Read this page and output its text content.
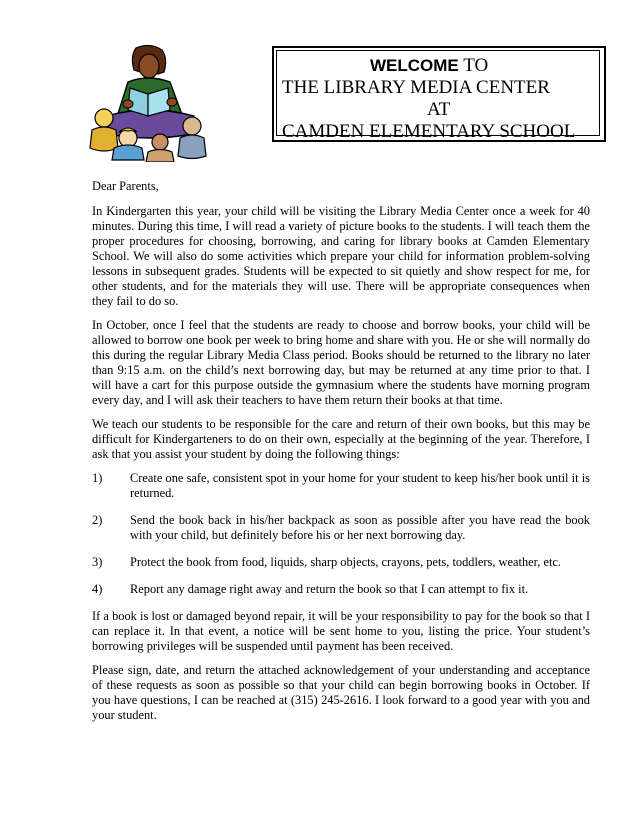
WELCOME TO
THE LIBRARY MEDIA CENTER
AT
CAMDEN ELEMENTARY SCHOOL

Dear Parents,

In Kindergarten this year, your child will be visiting the Library Media Center once a week for 40 minutes. During this time, I will read a variety of picture books to the students. I will teach them the proper procedures for choosing, borrowing, and caring for library books at Camden Elementary School. We will also do some activities which prepare your child for information problem-solving lessons in subsequent grades. Students will be expected to sit quietly and show respect for me, for other students, and for the materials they will use. There will be appropriate consequences when they fail to do so.

In October, once I feel that the students are ready to choose and borrow books, your child will be allowed to borrow one book per week to bring home and share with you. He or she will normally do this during the regular Library Media Class period. Books should be returned to the library no later than 9:15 a.m. on the child’s next borrowing day, but may be returned at any time prior to that. I will have a cart for this purpose outside the gymnasium where the students have morning program every day, and I will ask their teachers to have them return their books at that time.

We teach our students to be responsible for the care and return of their own books, but this may be difficult for Kindergarteners to do on their own, especially at the beginning of the year. Therefore, I ask that you assist your student by doing the following things:

1)	Create one safe, consistent spot in your home for your student to keep his/her book until it is returned.
2)	Send the book back in his/her backpack as soon as possible after you have read the book with your child, but definitely before his or her next borrowing day.
3)	Protect the book from food, liquids, sharp objects, crayons, pets, toddlers, weather, etc.
4)	Report any damage right away and return the book so that I can attempt to fix it.

If a book is lost or damaged beyond repair, it will be your responsibility to pay for the book so that I can replace it. In that event, a notice will be sent home to you, listing the price. Your student’s borrowing privileges will be suspended until payment has been received.

Please sign, date, and return the attached acknowledgement of your understanding and acceptance of these requests as soon as possible so that your child can begin borrowing books in October. If you have questions, I can be reached at (315) 245-2616. I look forward to a good year with you and your student.
